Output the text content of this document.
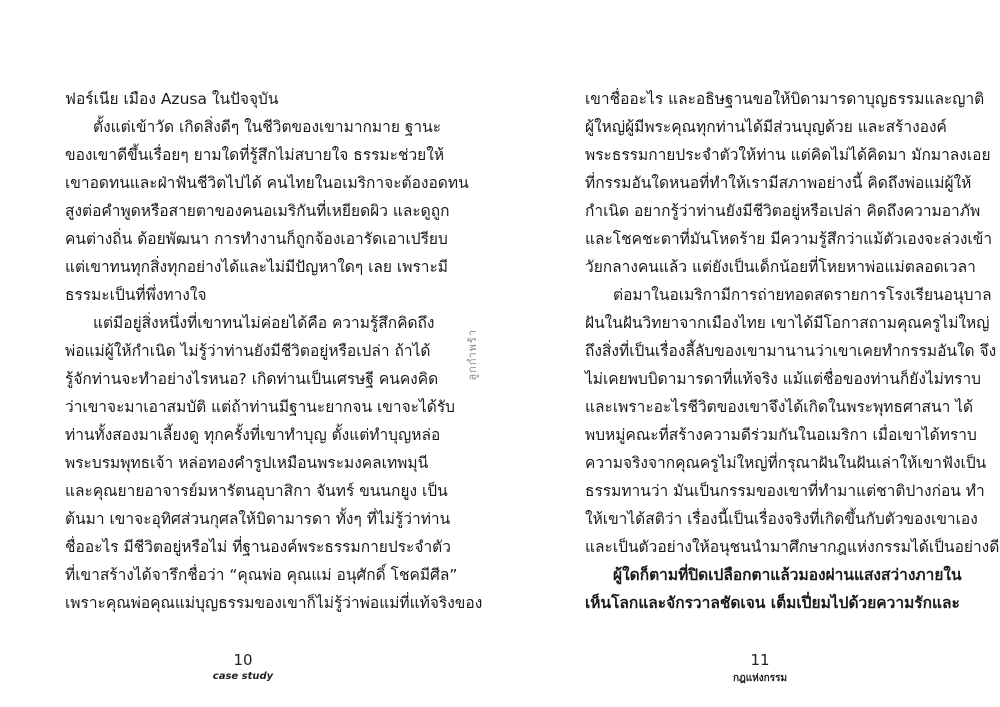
ฟอร์เนีย เมือง Azusa ในปัจจุบัน
ตั้งแต่เข้าวัด เกิดสิ่งดีๆ ในชีวิตของเขามากมาย ฐานะ
ของเขาดีขึ้นเรื่อยๆ ยามใดที่รู้สึกไม่สบายใจ ธรรมะช่วยให้
เขาอดทนและฝ่าฟันชีวิตไปได้ คนไทยในอเมริกาจะต้องอดทน
สูงต่อคำพูดหรือสายตาของคนอเมริกันที่เหยียดผิว และดูถูก
คนต่างถิ่น ด้อยพัฒนา การทำงานก็ถูกจ้องเอารัดเอาเปรียบ
แต่เขาทนทุกสิ่งทุกอย่างได้และไม่มีปัญหาใดๆ เลย เพราะมี
ธรรมะเป็นที่พึ่งทางใจ
แต่มีอยู่สิ่งหนึ่งที่เขาทนไม่ค่อยได้คือ ความรู้สึกคิดถึง
พ่อแม่ผู้ให้กำเนิด ไม่รู้ว่าท่านยังมีชีวิตอยู่หรือเปล่า ถ้าได้
รู้จักท่านจะทำอย่างไรหนอ? เกิดท่านเป็นเศรษฐี คนคงคิด
ว่าเขาจะมาเอาสมบัติ แต่ถ้าท่านมีฐานะยากจน เขาจะได้รับ
ท่านทั้งสองมาเลี้ยงดู ทุกครั้งที่เขาทำบุญ ตั้งแต่ทำบุญหล่อ
พระบรมพุทธเจ้า หล่อทองคำรูปเหมือนพระมงคลเทพมุนี
และคุณยายอาจารย์มหารัตนอุบาสิกา จันทร์ ขนนกยูง เป็น
ต้นมา เขาจะอุทิศส่วนกุศลให้บิดามารดา ทั้งๆ ที่ไม่รู้ว่าท่าน
ชื่ออะไร มีชีวิตอยู่หรือไม่ ที่ฐานองค์พระธรรมกายประจำตัว
ที่เขาสร้างได้จารึกชื่อว่า “คุณพ่อ คุณแม่ อนุศักดิ์ โชคมีศีล”
เพราะคุณพ่อคุณแม่บุญธรรมของเขาก็ไม่รู้ว่าพ่อแม่ที่แท้จริงของ
10
case study
ลูกกำพร้า
เขาชื่ออะไร และอธิษฐานขอให้บิดามารดาบุญธรรมและญาติ
ผู้ใหญ่ผู้มีพระคุณทุกท่านได้มีส่วนบุญด้วย และสร้างองค์
พระธรรมกายประจำตัวให้ท่าน แต่คิดไม่ได้คิดมา มักมาลงเอย
ที่กรรมอันใดหนอที่ทำให้เรามีสภาพอย่างนี้ คิดถึงพ่อแม่ผู้ให้
กำเนิด อยากรู้ว่าท่านยังมีชีวิตอยู่หรือเปล่า คิดถึงความอาภัพ
และโชคชะตาที่มันโหดร้าย มีความรู้สึกว่าแม้ตัวเองจะล่วงเข้า
วัยกลางคนแล้ว แต่ยังเป็นเด็กน้อยที่โหยหาพ่อแม่ตลอดเวลา
ต่อมาในอเมริกามีการถ่ายทอดสดรายการโรงเรียนอนุบาล
ฝันในฝันวิทยาจากเมืองไทย เขาได้มีโอกาสถามคุณครูไม่ใหญ่
ถึงสิ่งที่เป็นเรื่องลี้ลับของเขามานานว่าเขาเคยทำกรรมอันใด จึง
ไม่เคยพบบิดามารดาที่แท้จริง แม้แต่ชื่อของท่านก็ยังไม่ทราบ
และเพราะอะไรชีวิตของเขาจึงได้เกิดในพระพุทธศาสนา ได้
พบหมู่คณะที่สร้างความดีร่วมกันในอเมริกา เมื่อเขาได้ทราบ
ความจริงจากคุณครูไม่ใหญ่ที่กรุณาฝันในฝันเล่าให้เขาฟังเป็น
ธรรมทานว่า มันเป็นกรรมของเขาที่ทำมาแต่ชาติปางก่อน ทำ
ให้เขาได้สติว่า เรื่องนี้เป็นเรื่องจริงที่เกิดขึ้นกับตัวของเขาเอง
และเป็นตัวอย่างให้อนุชนนำมาศึกษากฎแห่งกรรมได้เป็นอย่างดี
ผู้ใดก็ตามที่ปิดเปลือกตาแล้วมองผ่านแสงสว่างภายใน
เห็นโลกและจักรวาลชัดเจน เต็มเปี่ยมไปด้วยความรักและ
11
กฎแห่งกรรม
